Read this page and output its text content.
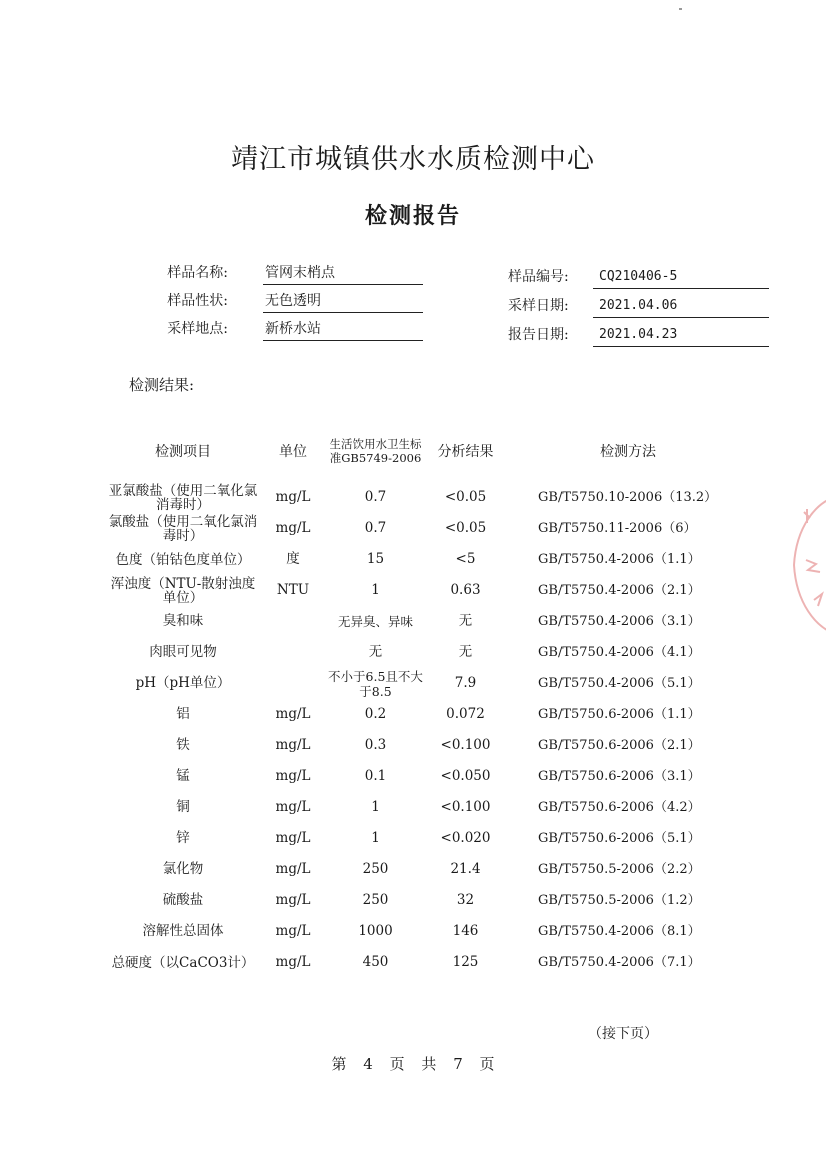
靖江市城镇供水水质检测中心
检测报告
样品名称:	管网末梢点
样品性状:	无色透明
采样地点:	新桥水站
样品编号:	CQ210406-5
采样日期:	2021.04.06
报告日期:	2021.04.23
检测结果:
检测项目	单位	生活饮用水卫生标准GB5749-2006	分析结果	检测方法
亚氯酸盐（使用二氧化氯消毒时）	mg/L	0.7	<0.05	GB/T5750.10-2006（13.2）
氯酸盐（使用二氧化氯消毒时）	mg/L	0.7	<0.05	GB/T5750.11-2006（6）
色度（铂钴色度单位）	度	15	<5	GB/T5750.4-2006（1.1）
浑浊度（NTU-散射浊度单位）	NTU	1	0.63	GB/T5750.4-2006（2.1）
臭和味		无异臭、异味	无	GB/T5750.4-2006（3.1）
肉眼可见物		无	无	GB/T5750.4-2006（4.1）
pH（pH单位）		不小于6.5且不大于8.5	7.9	GB/T5750.4-2006（5.1）
铝	mg/L	0.2	0.072	GB/T5750.6-2006（1.1）
铁	mg/L	0.3	<0.100	GB/T5750.6-2006（2.1）
锰	mg/L	0.1	<0.050	GB/T5750.6-2006（3.1）
铜	mg/L	1	<0.100	GB/T5750.6-2006（4.2）
锌	mg/L	1	<0.020	GB/T5750.6-2006（5.1）
氯化物	mg/L	250	21.4	GB/T5750.5-2006（2.2）
硫酸盐	mg/L	250	32	GB/T5750.5-2006（1.2）
溶解性总固体	mg/L	1000	146	GB/T5750.4-2006（8.1）
总硬度（以CaCO3计）	mg/L	450	125	GB/T5750.4-2006（7.1）
（接下页）
第 4 页 共 7 页
